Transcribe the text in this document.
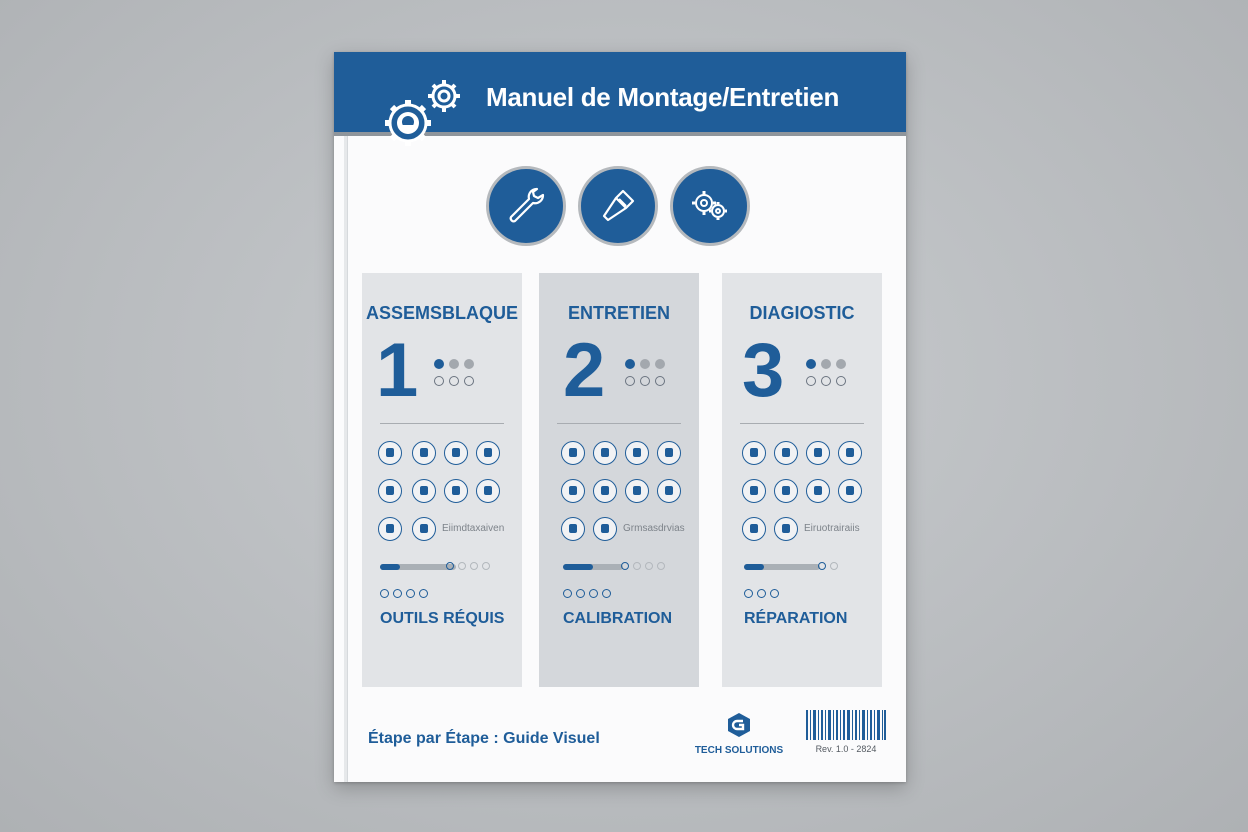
Manuel de Montage/Entretien
ASSEMSBLAQUE
1
Eiimdtaxaiven
OUTILS RÉQUIS
ENTRETIEN
2
Grmsasdrvias
CALIBRATION
DIAGIOSTIC
3
Eiruotrairaiis
RÉPARATION
Étape par Étape : Guide Visuel
TECH SOLUTIONS	Rev. 1.0 - 2824
